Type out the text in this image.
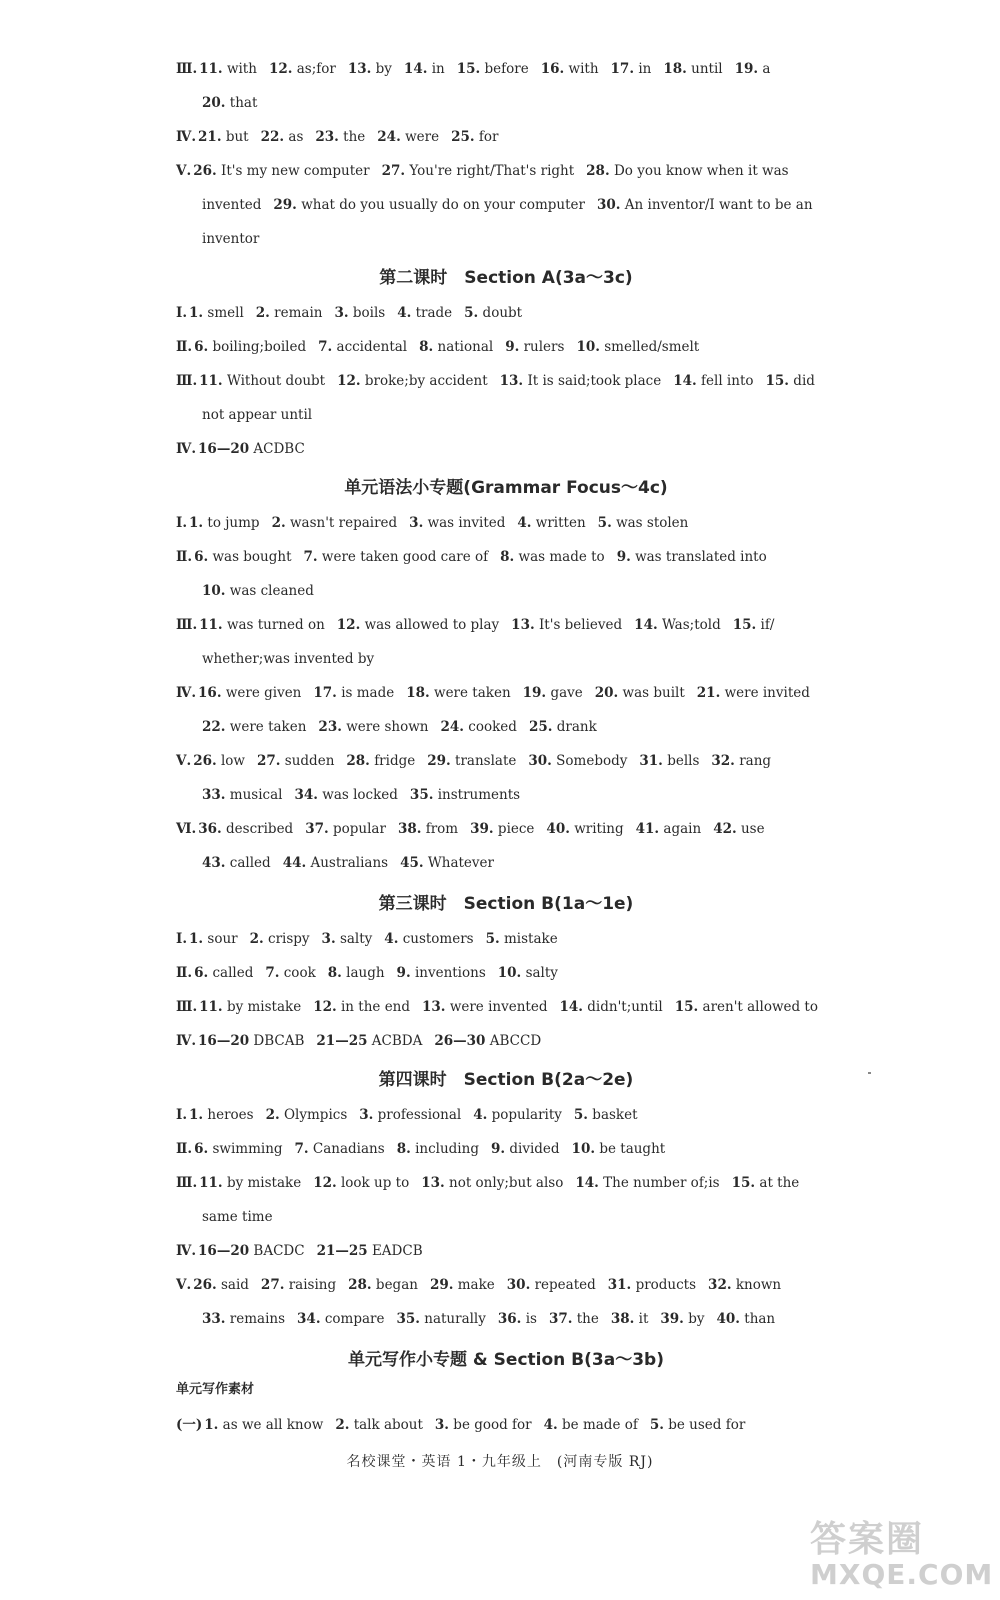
Ⅲ. 11. with 12. as;for 13. by 14. in 15. before 16. with 17. in 18. until 19. a
20. that
Ⅳ. 21. but 22. as 23. the 24. were 25. for
Ⅴ. 26. It's my new computer 27. You're right/That's right 28. Do you know when it was
invented 29. what do you usually do on your computer 30. An inventor/I want to be an
inventor
第二课时　Section A(3a～3c)
Ⅰ. 1. smell 2. remain 3. boils 4. trade 5. doubt
Ⅱ. 6. boiling;boiled 7. accidental 8. national 9. rulers 10. smelled/smelt
Ⅲ. 11. Without doubt 12. broke;by accident 13. It is said;took place 14. fell into 15. did
not appear until
Ⅳ. 16—20 ACDBC
单元语法小专题(Grammar Focus～4c)
Ⅰ. 1. to jump 2. wasn't repaired 3. was invited 4. written 5. was stolen
Ⅱ. 6. was bought 7. were taken good care of 8. was made to 9. was translated into
10. was cleaned
Ⅲ. 11. was turned on 12. was allowed to play 13. It's believed 14. Was;told 15. if/
whether;was invented by
Ⅳ. 16. were given 17. is made 18. were taken 19. gave 20. was built 21. were invited
22. were taken 23. were shown 24. cooked 25. drank
Ⅴ. 26. low 27. sudden 28. fridge 29. translate 30. Somebody 31. bells 32. rang
33. musical 34. was locked 35. instruments
Ⅵ. 36. described 37. popular 38. from 39. piece 40. writing 41. again 42. use
43. called 44. Australians 45. Whatever
第三课时　Section B(1a～1e)
Ⅰ. 1. sour 2. crispy 3. salty 4. customers 5. mistake
Ⅱ. 6. called 7. cook 8. laugh 9. inventions 10. salty
Ⅲ. 11. by mistake 12. in the end 13. were invented 14. didn't;until 15. aren't allowed to
Ⅳ. 16—20 DBCAB 21—25 ACBDA 26—30 ABCCD
第四课时　Section B(2a～2e)
Ⅰ. 1. heroes 2. Olympics 3. professional 4. popularity 5. basket
Ⅱ. 6. swimming 7. Canadians 8. including 9. divided 10. be taught
Ⅲ. 11. by mistake 12. look up to 13. not only;but also 14. The number of;is 15. at the
same time
Ⅳ. 16—20 BACDC 21—25 EADCB
Ⅴ. 26. said 27. raising 28. began 29. make 30. repeated 31. products 32. known
33. remains 34. compare 35. naturally 36. is 37. the 38. it 39. by 40. than
单元写作小专题 & Section B(3a～3b)
单元写作素材
(一) 1. as we all know 2. talk about 3. be good for 4. be made of 5. be used for
名校课堂・英语 1・九年级上　(河南专版 RJ)
答案圈
MXQE.COM
